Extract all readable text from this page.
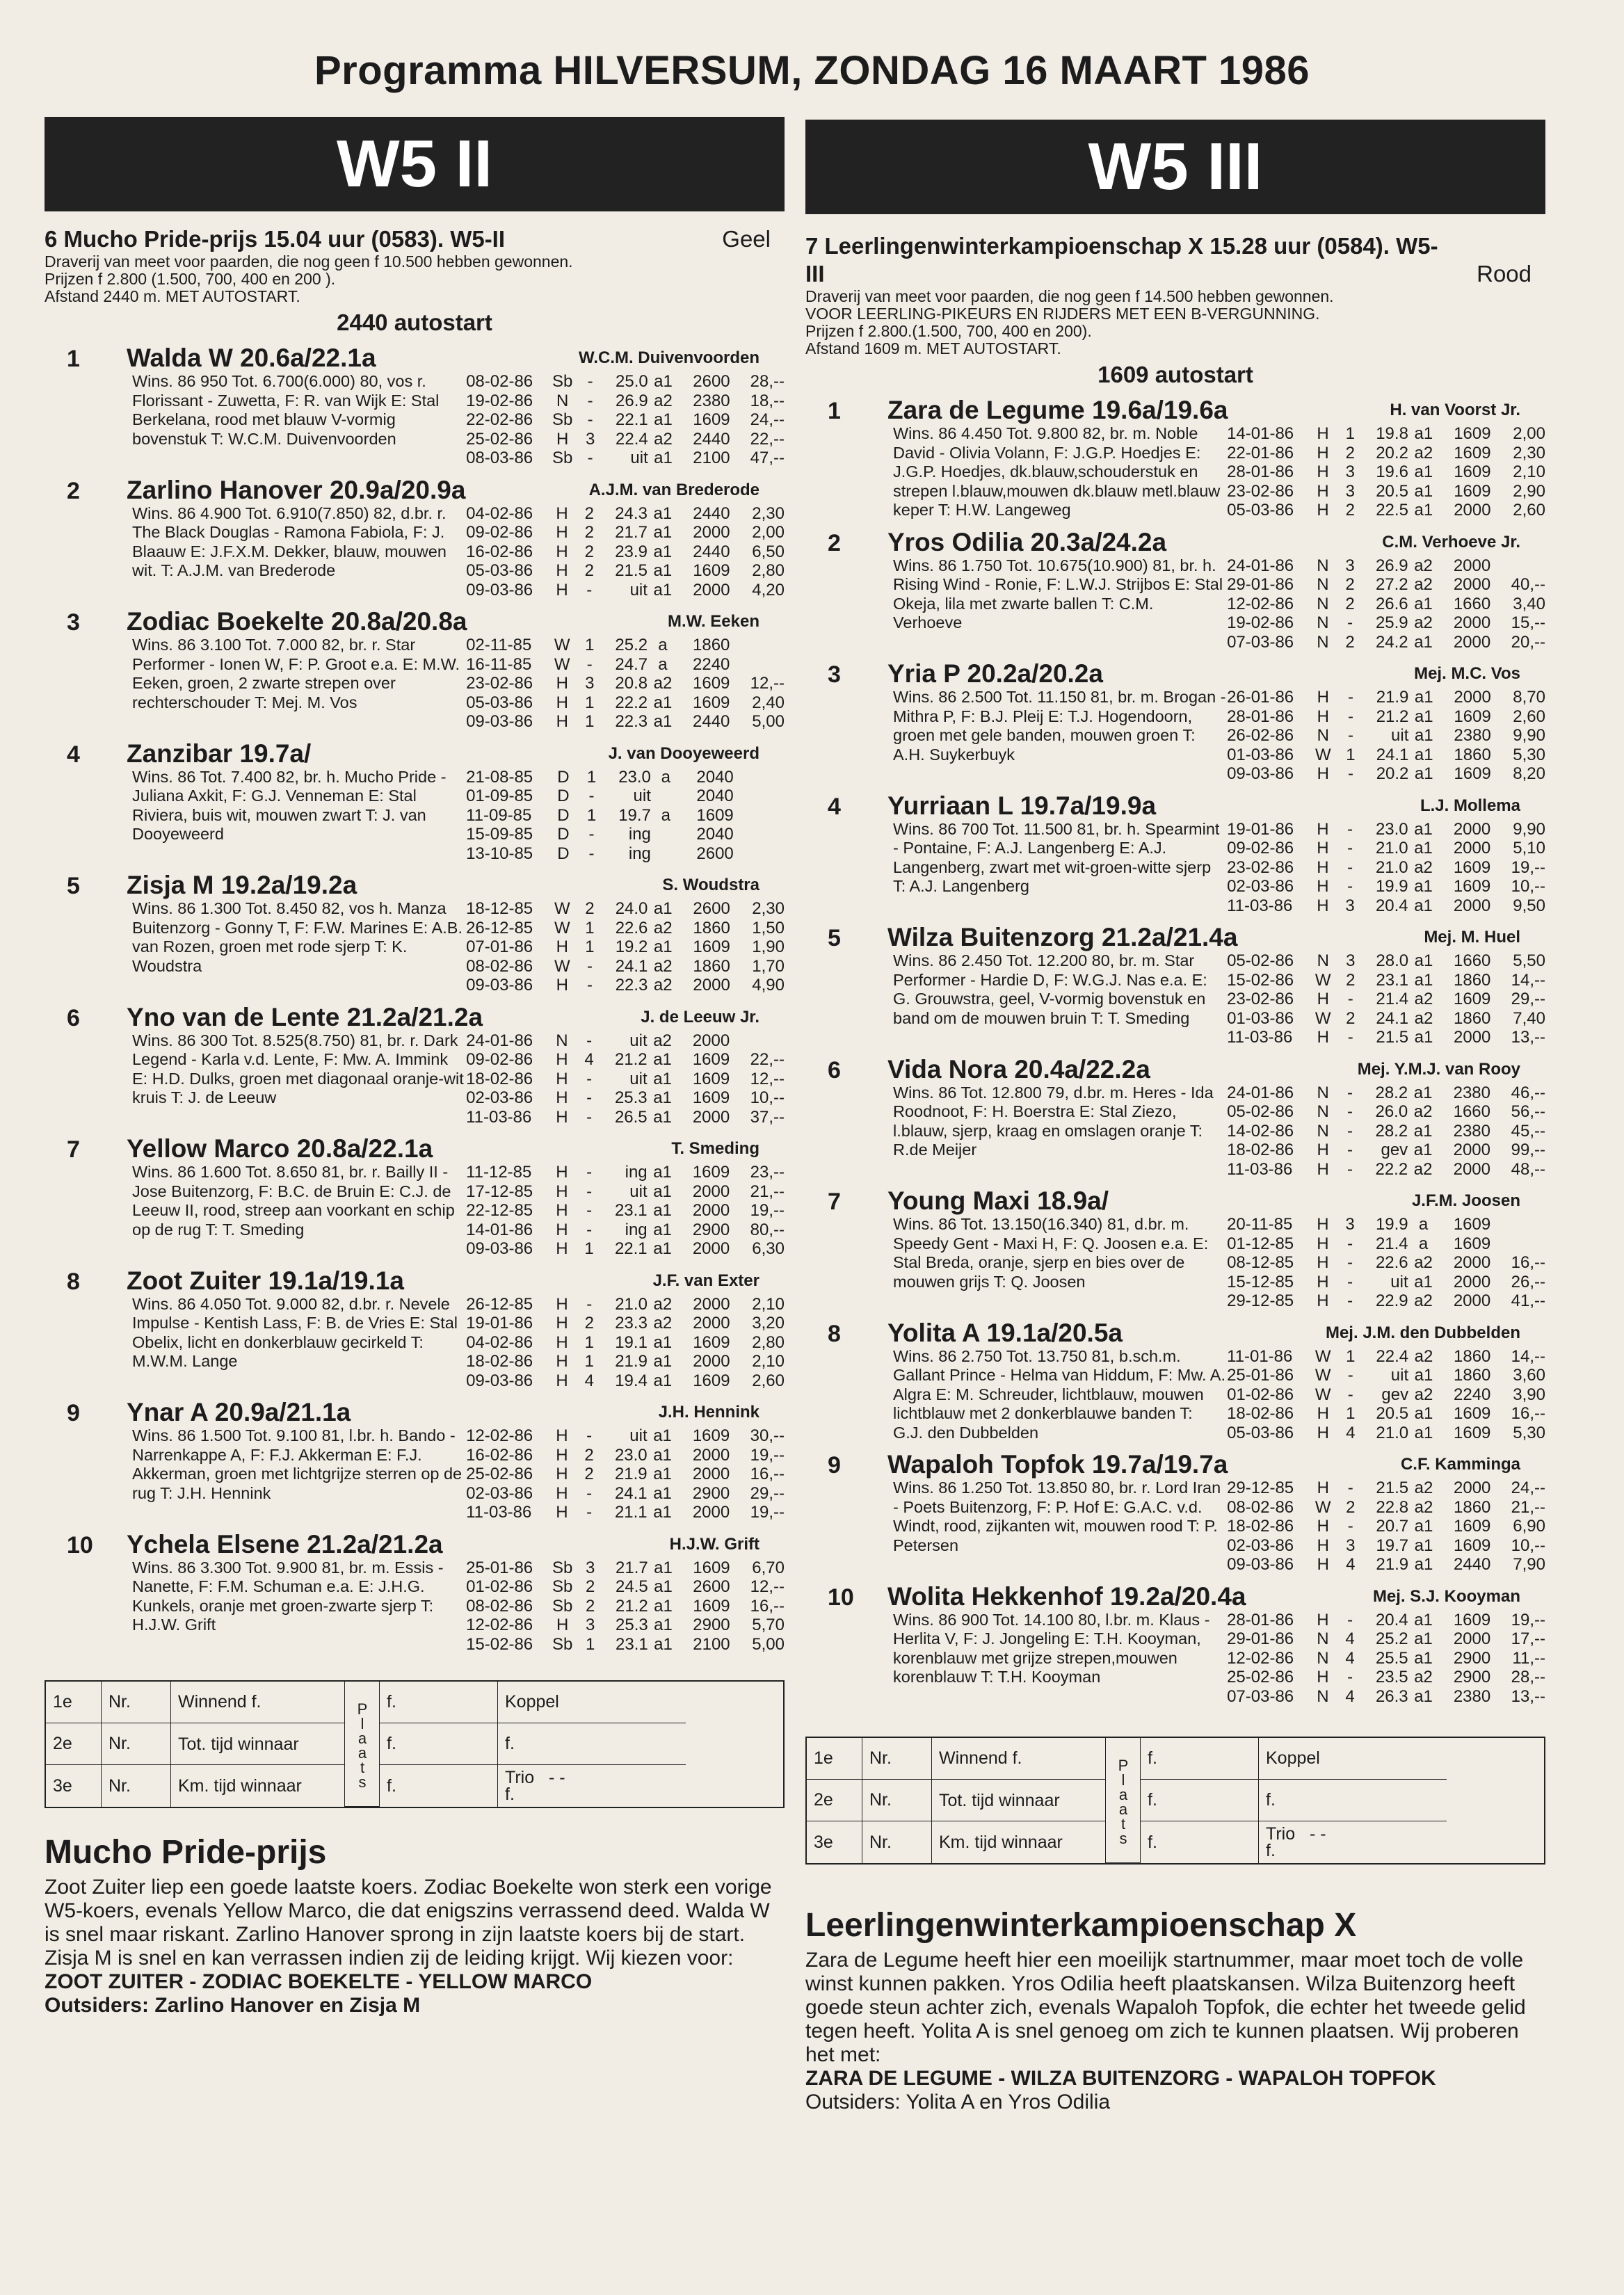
Programma HILVERSUM, ZONDAG 16 MAART 1986
W5 II
6 Mucho Pride-prijs 15.04 uur (0583). W5-II	Geel
Draverij van meet voor paarden, die nog geen f 10.500 hebben gewonnen.
Prijzen f 2.800 (1.500, 700, 400 en 200 ).
Afstand 2440 m. MET AUTOSTART.
2440 autostart
1 Walda W 20.6a/22.1a	W.C.M. Duivenvoorden
Wins. 86 950 Tot. 6.700(6.000) 80, vos r. Florissant - Zuwetta, F: R. van Wijk E: Stal Berkelana, rood met blauw V-vormig bovenstuk T: W.C.M. Duivenvoorden
08-02-86	Sb	-	25.0	a1	2600	28,--
19-02-86	N	-	26.9	a2	2380	18,--
22-02-86	Sb	-	22.1	a1	1609	24,--
25-02-86	H	3	22.4	a2	2440	22,--
08-03-86	Sb	-	uit	a1	2100	47,--
2 Zarlino Hanover 20.9a/20.9a	A.J.M. van Brederode
Wins. 86 4.900 Tot. 6.910(7.850) 82, d.br. r. The Black Douglas - Ramona Fabiola, F: J. Blaauw E: J.F.X.M. Dekker, blauw, mouwen wit. T: A.J.M. van Brederode
04-02-86	H	2	24.3	a1	2440	2,30
09-02-86	H	2	21.7	a1	2000	2,00
16-02-86	H	2	23.9	a1	2440	6,50
05-03-86	H	2	21.5	a1	1609	2,80
09-03-86	H	-	uit	a1	2000	4,20
3 Zodiac Boekelte 20.8a/20.8a	M.W. Eeken
Wins. 86 3.100 Tot. 7.000 82, br. r. Star Performer - Ionen W, F: P. Groot e.a. E: M.W. Eeken, groen, 2 zwarte strepen over rechterschouder T: Mej. M. Vos
02-11-85	W	1	25.2	a	1860	
16-11-85	W	-	24.7	a	2240	
23-02-86	H	3	20.8	a2	1609	12,--
05-03-86	H	1	22.2	a1	1609	2,40
09-03-86	H	1	22.3	a1	2440	5,00
4 Zanzibar 19.7a/	J. van Dooyeweerd
Wins. 86 Tot. 7.400 82, br. h. Mucho Pride - Juliana Axkit, F: G.J. Venneman E: Stal Riviera, buis wit, mouwen zwart T: J. van Dooyeweerd
21-08-85	D	1	23.0	a	2040	
01-09-85	D	-	uit		2040	
11-09-85	D	1	19.7	a	1609	
15-09-85	D	-	ing		2040	
13-10-85	D	-	ing		2600	
5 Zisja M 19.2a/19.2a	S. Woudstra
Wins. 86 1.300 Tot. 8.450 82, vos h. Manza Buitenzorg - Gonny T, F: F.W. Marines E: A.B. van Rozen, groen met rode sjerp T: K. Woudstra
18-12-85	W	2	24.0	a1	2600	2,30
26-12-85	W	1	22.6	a2	1860	1,50
07-01-86	H	1	19.2	a1	1609	1,90
08-02-86	W	-	24.1	a2	1860	1,70
09-03-86	H	-	22.3	a2	2000	4,90
6 Yno van de Lente 21.2a/21.2a	J. de Leeuw Jr.
Wins. 86 300 Tot. 8.525(8.750) 81, br. r. Dark Legend - Karla v.d. Lente, F: Mw. A. Immink E: H.D. Dulks, groen met diagonaal oranje-wit kruis T: J. de Leeuw
24-01-86	N	-	uit	a2	2000	
09-02-86	H	4	21.2	a1	1609	22,--
18-02-86	H	-	uit	a1	1609	12,--
02-03-86	H	-	25.3	a1	1609	10,--
11-03-86	H	-	26.5	a1	2000	37,--
7 Yellow Marco 20.8a/22.1a	T. Smeding
Wins. 86 1.600 Tot. 8.650 81, br. r. Bailly II - Jose Buitenzorg, F: B.C. de Bruin E: C.J. de Leeuw II, rood, streep aan voorkant en schip op de rug T: T. Smeding
11-12-85	H	-	ing	a1	1609	23,--
17-12-85	H	-	uit	a1	2000	21,--
22-12-85	H	-	23.1	a1	2000	19,--
14-01-86	H	-	ing	a1	2900	80,--
09-03-86	H	1	22.1	a1	2000	6,30
8 Zoot Zuiter 19.1a/19.1a	J.F. van Exter
Wins. 86 4.050 Tot. 9.000 82, d.br. r. Nevele Impulse - Kentish Lass, F: B. de Vries E: Stal Obelix, licht en donkerblauw gecirkeld T: M.W.M. Lange
26-12-85	H	-	21.0	a2	2000	2,10
19-01-86	H	2	23.3	a2	2000	3,20
04-02-86	H	1	19.1	a1	1609	2,80
18-02-86	H	1	21.9	a1	2000	2,10
09-03-86	H	4	19.4	a1	1609	2,60
9 Ynar A 20.9a/21.1a	J.H. Hennink
Wins. 86 1.500 Tot. 9.100 81, l.br. h. Bando - Narrenkappe A, F: F.J. Akkerman E: F.J. Akkerman, groen met lichtgrijze sterren op de rug T: J.H. Hennink
12-02-86	H	-	uit	a1	1609	30,--
16-02-86	H	2	23.0	a1	2000	19,--
25-02-86	H	2	21.9	a1	2000	16,--
02-03-86	H	-	24.1	a1	2900	29,--
11-03-86	H	-	21.1	a1	2000	19,--
10 Ychela Elsene 21.2a/21.2a	H.J.W. Grift
Wins. 86 3.300 Tot. 9.900 81, br. m. Essis - Nanette, F: F.M. Schuman e.a. E: J.H.G. Kunkels, oranje met groen-zwarte sjerp T: H.J.W. Grift
25-01-86	Sb	3	21.7	a1	1609	6,70
01-02-86	Sb	2	24.5	a1	2600	12,--
08-02-86	Sb	2	21.2	a1	1609	16,--
12-02-86	H	3	25.3	a1	2900	5,70
15-02-86	Sb	1	23.1	a1	2100	5,00
1e	Nr.	Winnend f.	Plaats f.	Koppel
2e	Nr.	Tot. tijd winnaar	f.	f.
3e	Nr.	Km. tijd winnaar	f.	Trio - -
f.
Mucho Pride-prijs
Zoot Zuiter liep een goede laatste koers. Zodiac Boekelte won sterk een vorige W5-koers, evenals Yellow Marco, die dat enigszins verrassend deed. Walda W is snel maar riskant. Zarlino Hanover sprong in zijn laatste koers bij de start. Zisja M is snel en kan verrassen indien zij de leiding krijgt. Wij kiezen voor:
ZOOT ZUITER - ZODIAC BOEKELTE - YELLOW MARCO
Outsiders: Zarlino Hanover en Zisja M
W5 III
7 Leerlingenwinterkampioenschap X 15.28 uur (0584). W5-III	Rood
Draverij van meet voor paarden, die nog geen f 14.500 hebben gewonnen.
VOOR LEERLING-PIKEURS EN RIJDERS MET EEN B-VERGUNNING.
Prijzen f 2.800.(1.500, 700, 400 en 200).
Afstand 1609 m. MET AUTOSTART.
1609 autostart
1 Zara de Legume 19.6a/19.6a	H. van Voorst Jr.
Wins. 86 4.450 Tot. 9.800 82, br. m. Noble David - Olivia Volann, F: J.G.P. Hoedjes E: J.G.P. Hoedjes, dk.blauw,schouderstuk en strepen l.blauw,mouwen dk.blauw metl.blauw keper T: H.W. Langeweg
14-01-86	H	1	19.8	a1	1609	2,00
22-01-86	H	2	20.2	a2	1609	2,30
28-01-86	H	3	19.6	a1	1609	2,10
23-02-86	H	3	20.5	a1	1609	2,90
05-03-86	H	2	22.5	a1	2000	2,60
2 Yros Odilia 20.3a/24.2a	C.M. Verhoeve Jr.
Wins. 86 1.750 Tot. 10.675(10.900) 81, br. h. Rising Wind - Ronie, F: L.W.J. Strijbos E: Stal Okeja, lila met zwarte ballen T: C.M. Verhoeve
24-01-86	N	3	26.9	a2	2000	
29-01-86	N	2	27.2	a2	2000	40,--
12-02-86	N	2	26.6	a1	1660	3,40
19-02-86	N	-	25.9	a2	2000	15,--
07-03-86	N	2	24.2	a1	2000	20,--
3 Yria P 20.2a/20.2a	Mej. M.C. Vos
Wins. 86 2.500 Tot. 11.150 81, br. m. Brogan - Mithra P, F: B.J. Pleij E: T.J. Hogendoorn, groen met gele banden, mouwen groen T: A.H. Suykerbuyk
26-01-86	H	-	21.9	a1	2000	8,70
28-01-86	H	-	21.2	a1	1609	2,60
26-02-86	N	-	uit	a1	2380	9,90
01-03-86	W	1	24.1	a1	1860	5,30
09-03-86	H	-	20.2	a1	1609	8,20
4 Yurriaan L 19.7a/19.9a	L.J. Mollema
Wins. 86 700 Tot. 11.500 81, br. h. Spearmint - Pontaine, F: A.J. Langenberg E: A.J. Langenberg, zwart met wit-groen-witte sjerp T: A.J. Langenberg
19-01-86	H	-	23.0	a1	2000	9,90
09-02-86	H	-	21.0	a1	2000	5,10
23-02-86	H	-	21.0	a2	1609	19,--
02-03-86	H	-	19.9	a1	1609	10,--
11-03-86	H	3	20.4	a1	2000	9,50
5 Wilza Buitenzorg 21.2a/21.4a	Mej. M. Huel
Wins. 86 2.450 Tot. 12.200 80, br. m. Star Performer - Hardie D, F: W.G.J. Nas e.a. E: G. Grouwstra, geel, V-vormig bovenstuk en band om de mouwen bruin T: T. Smeding
05-02-86	N	3	28.0	a1	1660	5,50
15-02-86	W	2	23.1	a1	1860	14,--
23-02-86	H	-	21.4	a2	1609	29,--
01-03-86	W	2	24.1	a2	1860	7,40
11-03-86	H	-	21.5	a1	2000	13,--
6 Vida Nora 20.4a/22.2a	Mej. Y.M.J. van Rooy
Wins. 86 Tot. 12.800 79, d.br. m. Heres - Ida Roodnoot, F: H. Boerstra E: Stal Ziezo, l.blauw, sjerp, kraag en omslagen oranje T: R.de Meijer
24-01-86	N	-	28.2	a1	2380	46,--
05-02-86	N	-	26.0	a2	1660	56,--
14-02-86	N	-	28.2	a1	2380	45,--
18-02-86	H	-	gev	a1	2000	99,--
11-03-86	H	-	22.2	a2	2000	48,--
7 Young Maxi 18.9a/	J.F.M. Joosen
Wins. 86 Tot. 13.150(16.340) 81, d.br. m. Speedy Gent - Maxi H, F: Q. Joosen e.a. E: Stal Breda, oranje, sjerp en bies over de mouwen grijs T: Q. Joosen
20-11-85	H	3	19.9	a	1609	
01-12-85	H	-	21.4	a	1609	
08-12-85	H	-	22.6	a2	2000	16,--
15-12-85	H	-	uit	a1	2000	26,--
29-12-85	H	-	22.9	a2	2000	41,--
8 Yolita A 19.1a/20.5a	Mej. J.M. den Dubbelden
Wins. 86 2.750 Tot. 13.750 81, b.sch.m. Gallant Prince - Helma van Hiddum, F: Mw. A. Algra E: M. Schreuder, lichtblauw, mouwen lichtblauw met 2 donkerblauwe banden T: G.J. den Dubbelden
11-01-86	W	1	22.4	a2	1860	14,--
25-01-86	W	-	uit	a1	1860	3,60
01-02-86	W	-	gev	a2	2240	3,90
18-02-86	H	1	20.5	a1	1609	16,--
05-03-86	H	4	21.0	a1	1609	5,30
9 Wapaloh Topfok 19.7a/19.7a	C.F. Kamminga
Wins. 86 1.250 Tot. 13.850 80, br. r. Lord Iran - Poets Buitenzorg, F: P. Hof E: G.A.C. v.d. Windt, rood, zijkanten wit, mouwen rood T: P. Petersen
29-12-85	H	-	21.5	a2	2000	24,--
08-02-86	W	2	22.8	a2	1860	21,--
18-02-86	H	-	20.7	a1	1609	6,90
02-03-86	H	3	19.7	a1	1609	10,--
09-03-86	H	4	21.9	a1	2440	7,90
10 Wolita Hekkenhof 19.2a/20.4a	Mej. S.J. Kooyman
Wins. 86 900 Tot. 14.100 80, l.br. m. Klaus - Herlita V, F: J. Jongeling E: T.H. Kooyman, korenblauw met grijze strepen,mouwen korenblauw T: T.H. Kooyman
28-01-86	H	-	20.4	a1	1609	19,--
29-01-86	N	4	25.2	a1	2000	17,--
12-02-86	N	4	25.5	a1	2900	11,--
25-02-86	H	-	23.5	a2	2900	28,--
07-03-86	N	4	26.3	a1	2380	13,--
1e	Nr.	Winnend f.	Plaats f.	Koppel
2e	Nr.	Tot. tijd winnaar	f.	f.
3e	Nr.	Km. tijd winnaar	f.	Trio - -
f.
Leerlingenwinterkampioenschap X
Zara de Legume heeft hier een moeilijk startnummer, maar moet toch de volle winst kunnen pakken. Yros Odilia heeft plaatskansen. Wilza Buitenzorg heeft goede steun achter zich, evenals Wapaloh Topfok, die echter het tweede gelid tegen heeft. Yolita A is snel genoeg om zich te kunnen plaatsen. Wij proberen het met:
ZARA DE LEGUME - WILZA BUITENZORG - WAPALOH TOPFOK
Outsiders: Yolita A en Yros Odilia
